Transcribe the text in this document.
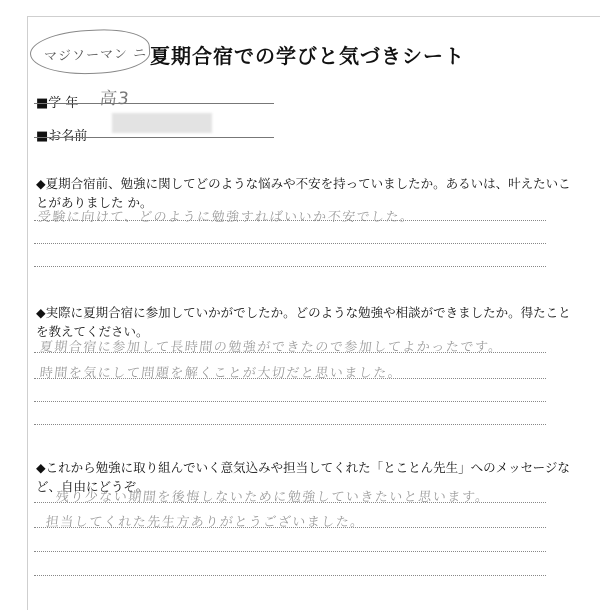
マジソーマン ニ 夏期合宿での学びと気づきシート
■学 年 高3
■お名前
◆夏期合宿前、勉強に関してどのような悩みや不安を持っていましたか。あるいは、叶えたいことがありました か。
受験に向けて、どのように勉強すればいいか不安でした。
◆実際に夏期合宿に参加していかがでしたか。どのような勉強や相談ができましたか。得たことを教えてください。
夏期合宿に参加して長時間の勉強ができたので参加してよかったです。
時間を気にして問題を解くことが大切だと思いました。
◆これから勉強に取り組んでいく意気込みや担当してくれた「とことん先生」へのメッセージなど、自由にどうぞ。
残り少ない期間を後悔しないために勉強していきたいと思います。
担当してくれた先生方ありがとうございました。
